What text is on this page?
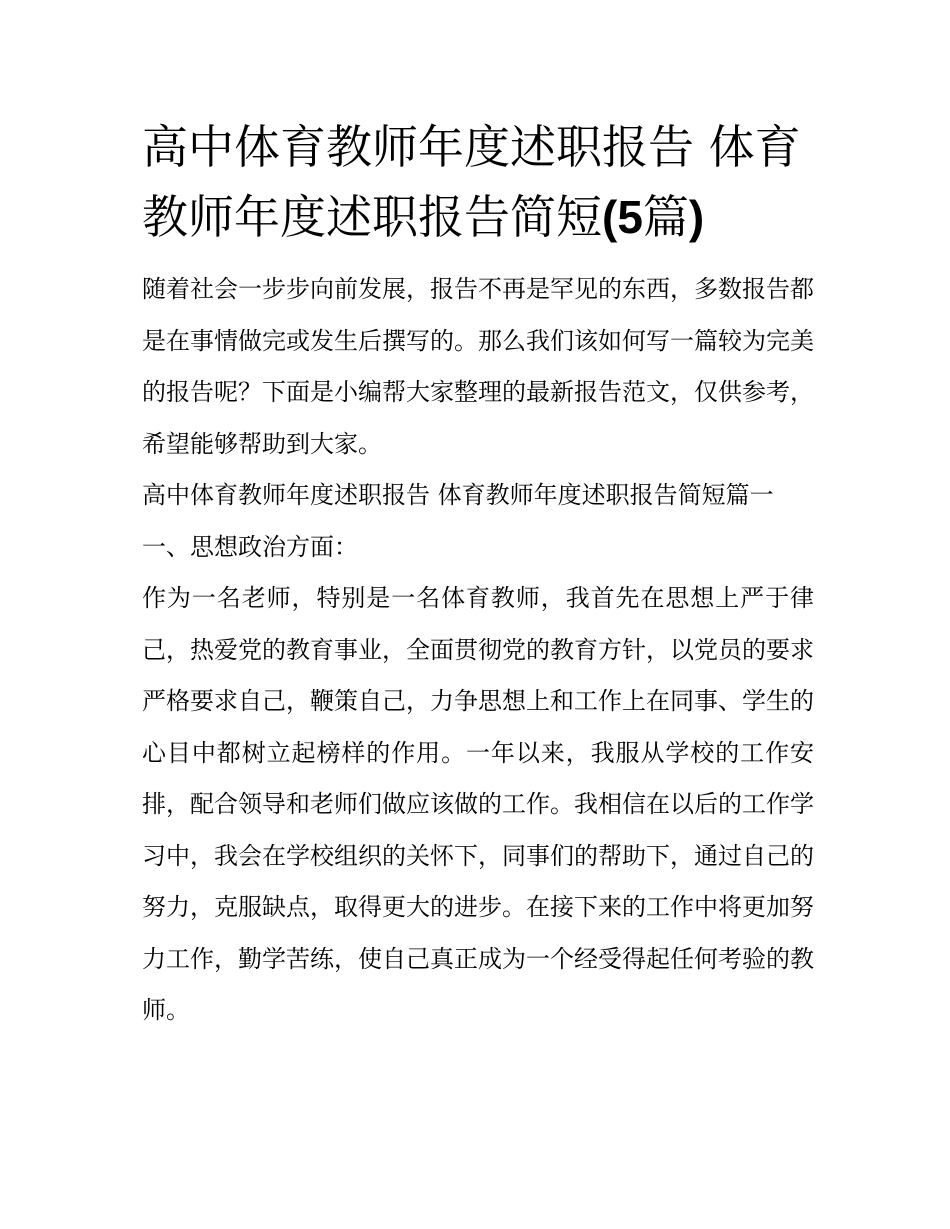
高中体育教师年度述职报告 体育教师年度述职报告简短(5篇)

随着社会一步步向前发展，报告不再是罕见的东西，多数报告都是在事情做完或发生后撰写的。那么我们该如何写一篇较为完美的报告呢？下面是小编帮大家整理的最新报告范文，仅供参考，希望能够帮助到大家。

高中体育教师年度述职报告 体育教师年度述职报告简短篇一

一、思想政治方面：

作为一名老师，特别是一名体育教师，我首先在思想上严于律己，热爱党的教育事业，全面贯彻党的教育方针，以党员的要求严格要求自己，鞭策自己，力争思想上和工作上在同事、学生的心目中都树立起榜样的作用。一年以来，我服从学校的工作安排，配合领导和老师们做应该做的工作。我相信在以后的工作学习中，我会在学校组织的关怀下，同事们的帮助下，通过自己的努力，克服缺点，取得更大的进步。在接下来的工作中将更加努力工作，勤学苦练，使自己真正成为一个经受得起任何考验的教师。
